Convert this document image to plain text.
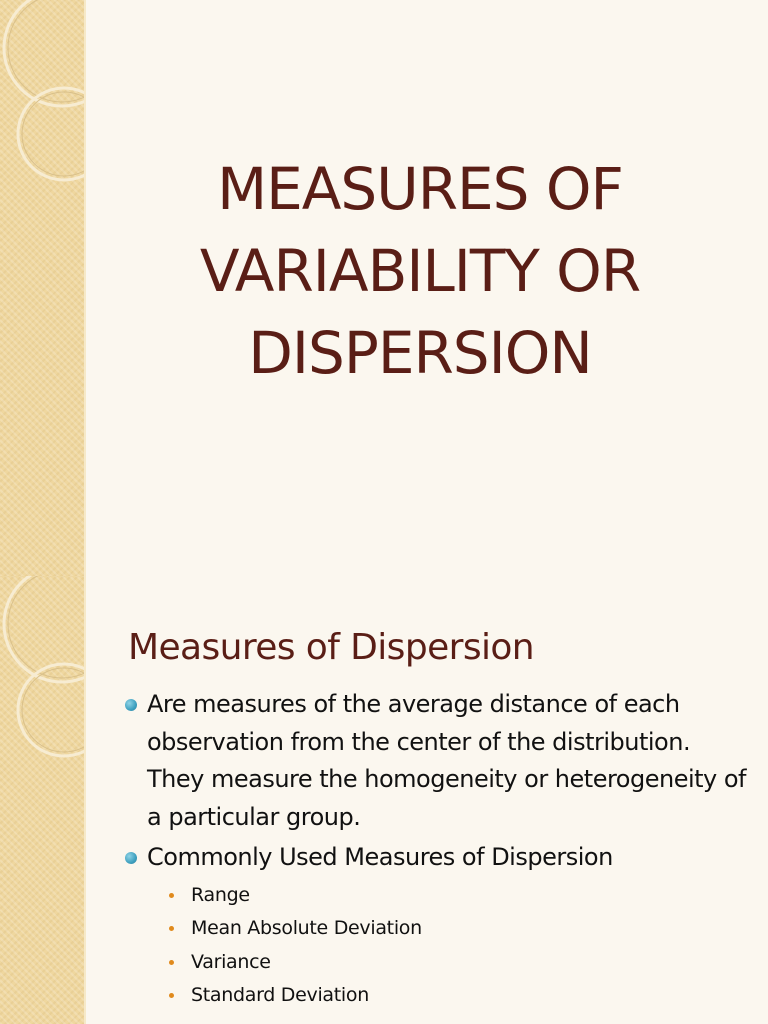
MEASURES OF
VARIABILITY OR
DISPERSION
Measures of Dispersion
Are measures of the average distance of each observation from the center of the distribution. They measure the homogeneity or heterogeneity of a particular group.
Commonly Used Measures of Dispersion
Range
Mean Absolute Deviation
Variance
Standard Deviation
